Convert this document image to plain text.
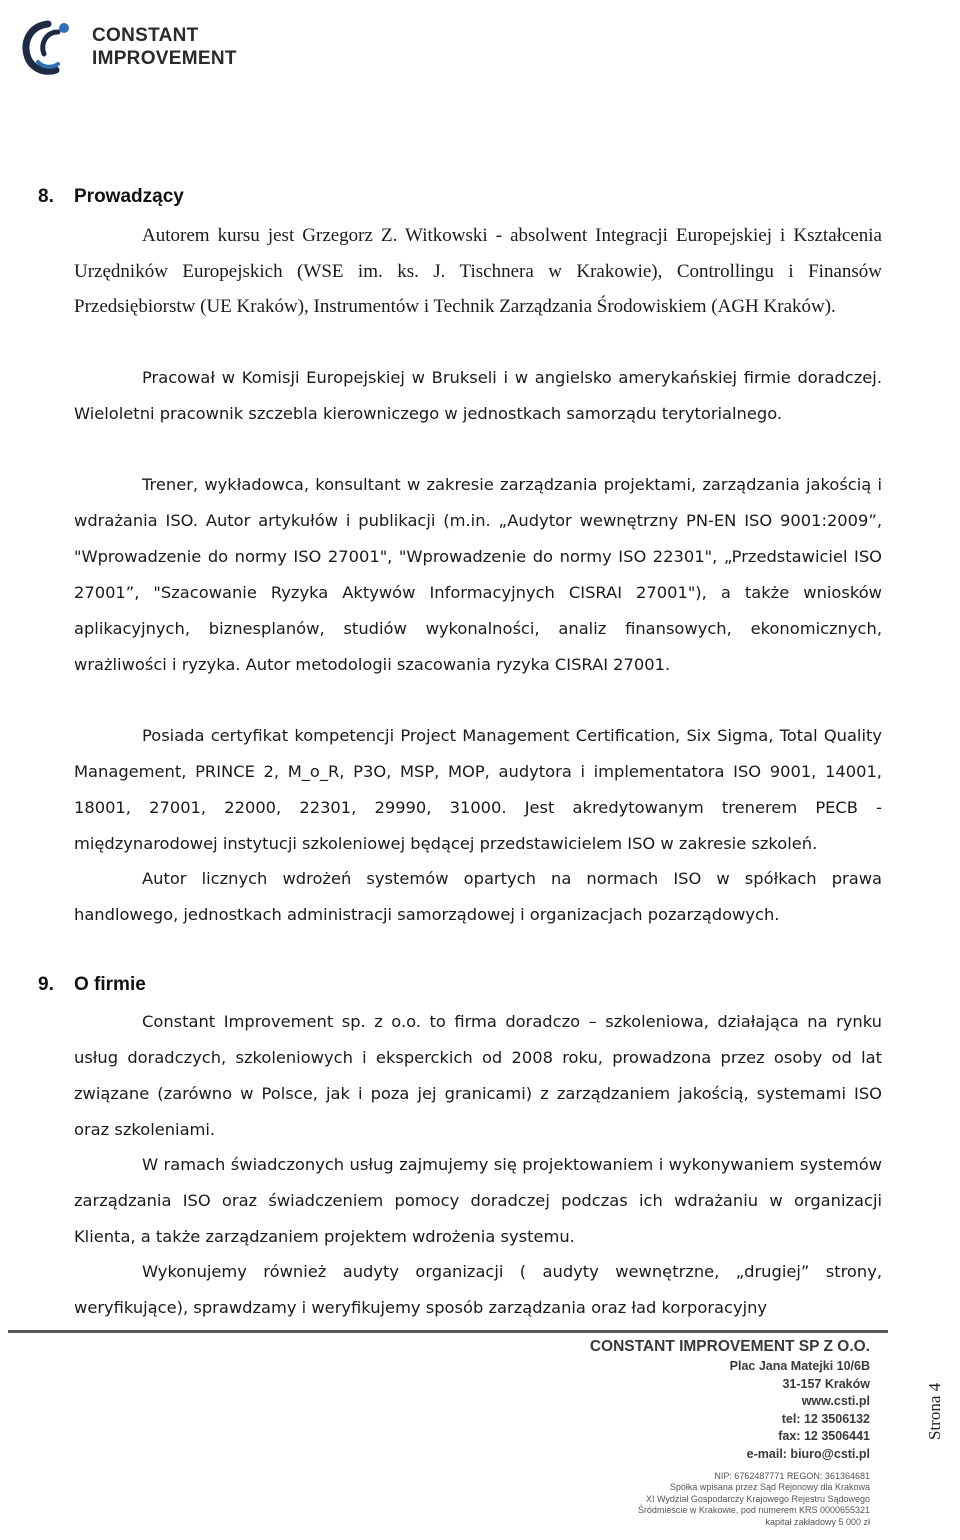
CONSTANT
IMPROVEMENT
8. Prowadzący
Autorem kursu jest Grzegorz Z. Witkowski - absolwent Integracji Europejskiej i Kształcenia Urzędników Europejskich (WSE im. ks. J. Tischnera w Krakowie), Controllingu i Finansów Przedsiębiorstw (UE Kraków), Instrumentów i Technik Zarządzania Środowiskiem (AGH Kraków).
Pracował w Komisji Europejskiej w Brukseli i w angielsko amerykańskiej firmie doradczej. Wieloletni pracownik szczebla kierowniczego w jednostkach samorządu terytorialnego.
Trener, wykładowca, konsultant w zakresie zarządzania projektami, zarządzania jakością i wdrażania ISO. Autor artykułów i publikacji (m.in. „Audytor wewnętrzny PN-EN ISO 9001:2009”, "Wprowadzenie do normy ISO 27001", "Wprowadzenie do normy ISO 22301", „Przedstawiciel ISO 27001”, "Szacowanie Ryzyka Aktywów Informacyjnych CISRAI 27001"), a także wniosków aplikacyjnych, biznesplanów, studiów wykonalności, analiz finansowych, ekonomicznych, wrażliwości i ryzyka. Autor metodologii szacowania ryzyka CISRAI 27001.
Posiada certyfikat kompetencji Project Management Certification, Six Sigma, Total Quality Management, PRINCE 2, M_o_R, P3O, MSP, MOP, audytora i implementatora ISO 9001, 14001, 18001, 27001, 22000, 22301, 29990, 31000. Jest akredytowanym trenerem PECB - międzynarodowej instytucji szkoleniowej będącej przedstawicielem ISO w zakresie szkoleń.
Autor licznych wdrożeń systemów opartych na normach ISO w spółkach prawa handlowego, jednostkach administracji samorządowej i organizacjach pozarządowych.
9. O firmie
Constant Improvement sp. z o.o. to firma doradczo – szkoleniowa, działająca na rynku usług doradczych, szkoleniowych i eksperckich od 2008 roku, prowadzona przez osoby od lat związane (zarówno w Polsce, jak i poza jej granicami) z zarządzaniem jakością, systemami ISO oraz szkoleniami.
W ramach świadczonych usług zajmujemy się projektowaniem i wykonywaniem systemów zarządzania ISO oraz świadczeniem pomocy doradczej podczas ich wdrażaniu w organizacji Klienta, a także zarządzaniem projektem wdrożenia systemu.
Wykonujemy również audyty organizacji ( audyty wewnętrzne, „drugiej” strony, weryfikujące), sprawdzamy i weryfikujemy sposób zarządzania oraz ład korporacyjny
CONSTANT IMPROVEMENT SP Z O.O.
Plac Jana Matejki 10/6B
31-157 Kraków
www.csti.pl
tel: 12 3506132
fax: 12 3506441
e-mail: biuro@csti.pl
NIP: 6762487771 REGON: 361364681
Spółka wpisana przez Sąd Rejonowy dla Krakowa
XI Wydział Gospodarczy Krajowego Rejestru Sądowego
Śródmieście w Krakowie, pod numerem KRS 0000655321
kapitał zakładowy 5 000 zł
Strona 4
